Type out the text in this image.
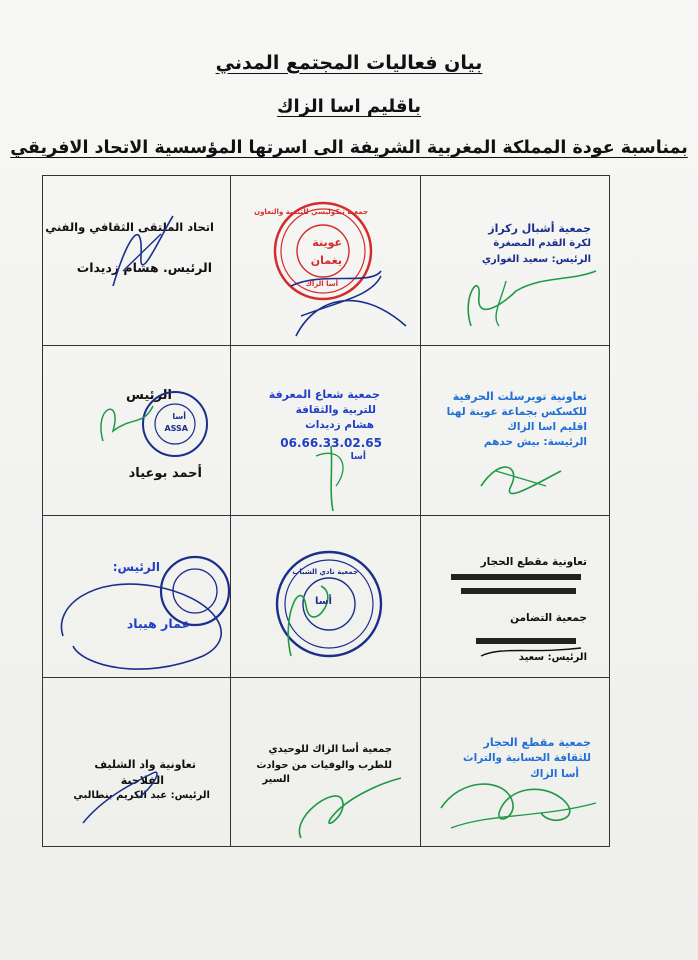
بيان فعاليات المجتمع المدني
باقليم اسا الزاك
بمناسبة عودة المملكة المغربية الشريفة الى اسرتها المؤسسية الاتحاد الافريقي
اتحاد الملتقى الثقافي والفني
الرئيس. هشام زديدات
جمعية تيكوليسي للتنمية والتعاون
عوينة
يغمان
أسا الزاك
جمعية أشبال ركراز
لكرة القدم المصغرة
الرئيس: سعيد الغواري
الرئيس
أسا
ASSA
أحمد بوعياد
جمعية شعاع المعرفة
للتربية والثقافة
هشام زديدات
06.66.33.02.65
أسا
تعاونية تويرسلت الحرفية
للكسكس بجماعة عوينة لهنا
اقليم اسا الزاك
الرئيسة: بيش حدهم
الرئيس:
عمار هيباد
جمعية نادي الشباب
أسا
تعاونية مقطع الحجار
جمعية التضامن
الرئيس: سعيد
تعاونية واد الشليف
الفلاحية
الرئيس: عبد الكريم بنطالبي
جمعية أسا الزاك للوحيدي
للطرب والوفيات من حوادث
السير
جمعية مقطع الحجار
للثقافة الحسانية والتراث
أسا الزاك
